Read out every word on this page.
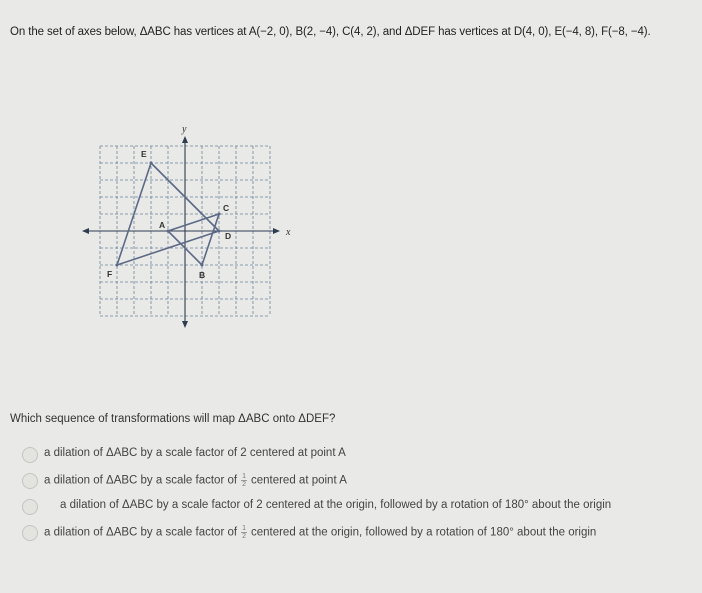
On the set of axes below, ΔABC has vertices at A(−2, 0), B(2, −4), C(4, 2), and ΔDEF has vertices at D(4, 0), E(−4, 8), F(−8, −4).
x
y
A
B
C
D
E
F
Which sequence of transformations will map ΔABC onto ΔDEF?
a dilation of ΔABC by a scale factor of 2 centered at point A
a dilation of ΔABC by a scale factor of $\frac{1}{2}$ centered at point A
a dilation of ΔABC by a scale factor of 2 centered at the origin, followed by a rotation of 180° about the origin
a dilation of ΔABC by a scale factor of $\frac{1}{2}$ centered at the origin, followed by a rotation of 180° about the origin
